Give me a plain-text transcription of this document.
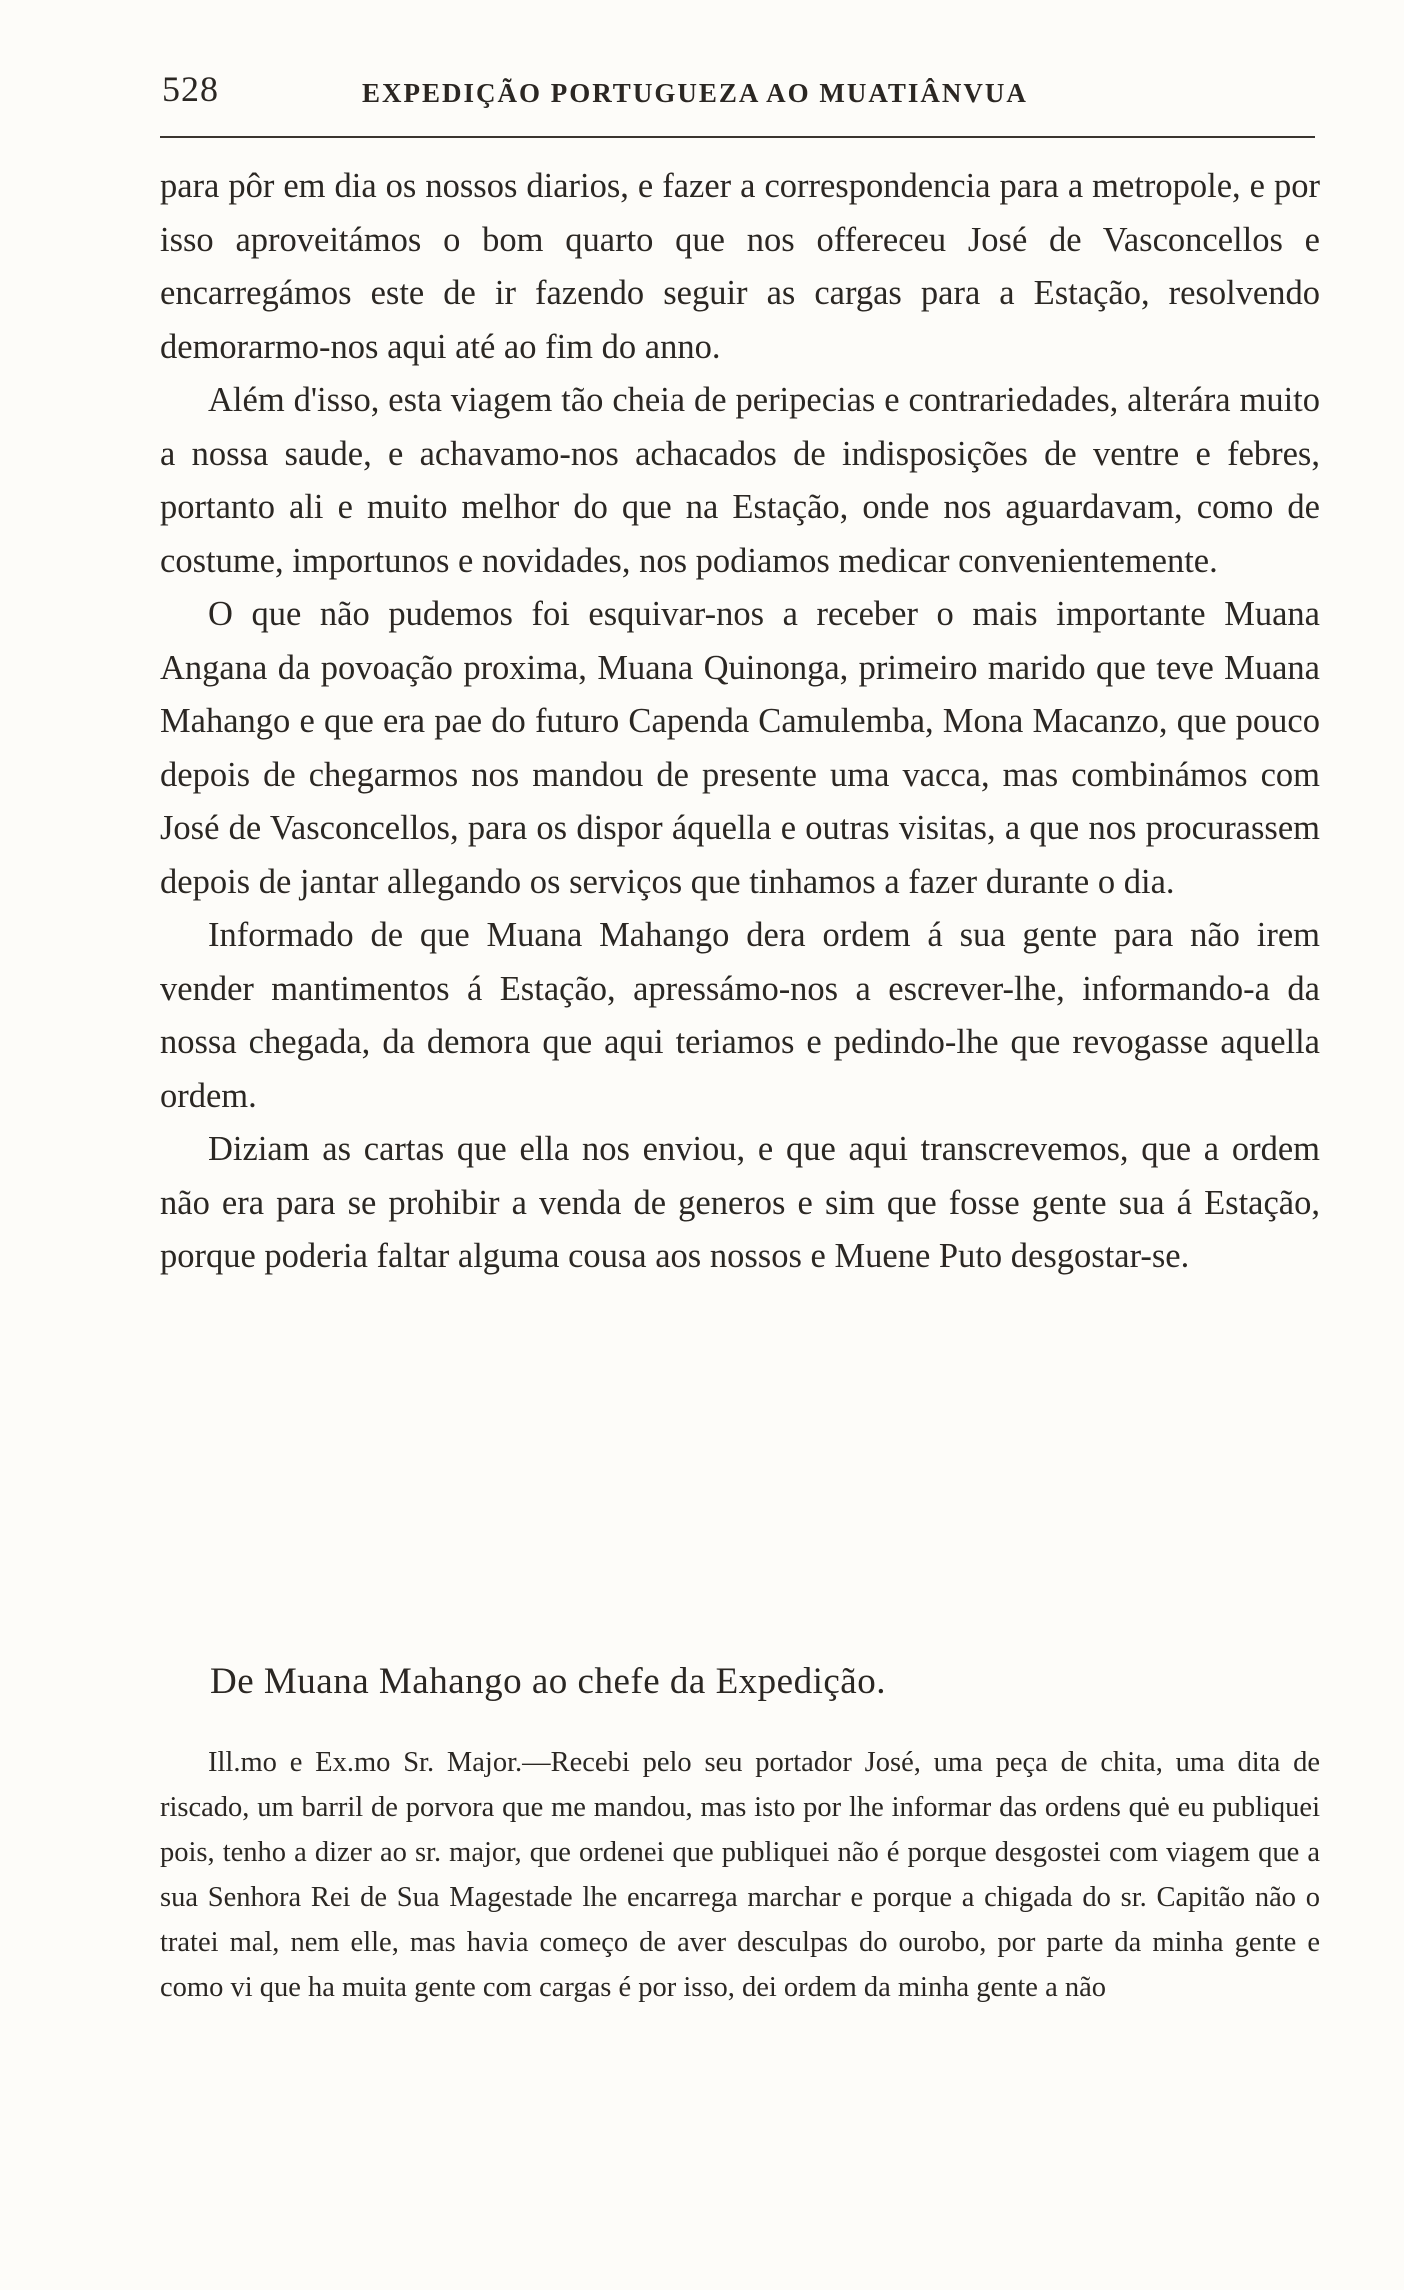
528	EXPEDIÇÃO PORTUGUEZA AO MUATIÂNVUA

para pôr em dia os nossos diarios, e fazer a correspondencia para a metropole, e por isso aproveitámos o bom quarto que nos offereceu José de Vasconcellos e encarregámos este de ir fazendo seguir as cargas para a Estação, resolvendo demorarmo-nos aqui até ao fim do anno.

Além d'isso, esta viagem tão cheia de peripecias e contrariedades, alterára muito a nossa saude, e achavamo-nos achacados de indisposições de ventre e febres, portanto ali e muito melhor do que na Estação, onde nos aguardavam, como de costume, importunos e novidades, nos podiamos medicar convenientemente.

O que não pudemos foi esquivar-nos a receber o mais importante Muana Angana da povoação proxima, Muana Quinonga, primeiro marido que teve Muana Mahango e que era pae do futuro Capenda Camulemba, Mona Macanzo, que pouco depois de chegarmos nos mandou de presente uma vacca, mas combinámos com José de Vasconcellos, para os dispor áquella e outras visitas, a que nos procurassem depois de jantar allegando os serviços que tinhamos a fazer durante o dia.

Informado de que Muana Mahango dera ordem á sua gente para não irem vender mantimentos á Estação, apressámo-nos a escrever-lhe, informando-a da nossa chegada, da demora que aqui teriamos e pedindo-lhe que revogasse aquella ordem.

Diziam as cartas que ella nos enviou, e que aqui transcrevemos, que a ordem não era para se prohibir a venda de generos e sim que fosse gente sua á Estação, porque poderia faltar alguma cousa aos nossos e Muene Puto desgostar-se.

De Muana Mahango ao chefe da Expedição.

Ill.mo e Ex.mo Sr. Major.—Recebi pelo seu portador José, uma peça de chita, uma dita de riscado, um barril de porvora que me mandou, mas isto por lhe informar das ordens quė eu publiquei pois, tenho a dizer ao sr. major, que ordenei que publiquei não é porque desgostei com viagem que a sua Senhora Rei de Sua Magestade lhe encarrega marchar e porque a chigada do sr. Capitão não o tratei mal, nem elle, mas havia começo de aver desculpas do ourobo, por parte da minha gente e como vi que ha muita gente com cargas é por isso, dei ordem da minha gente a não
